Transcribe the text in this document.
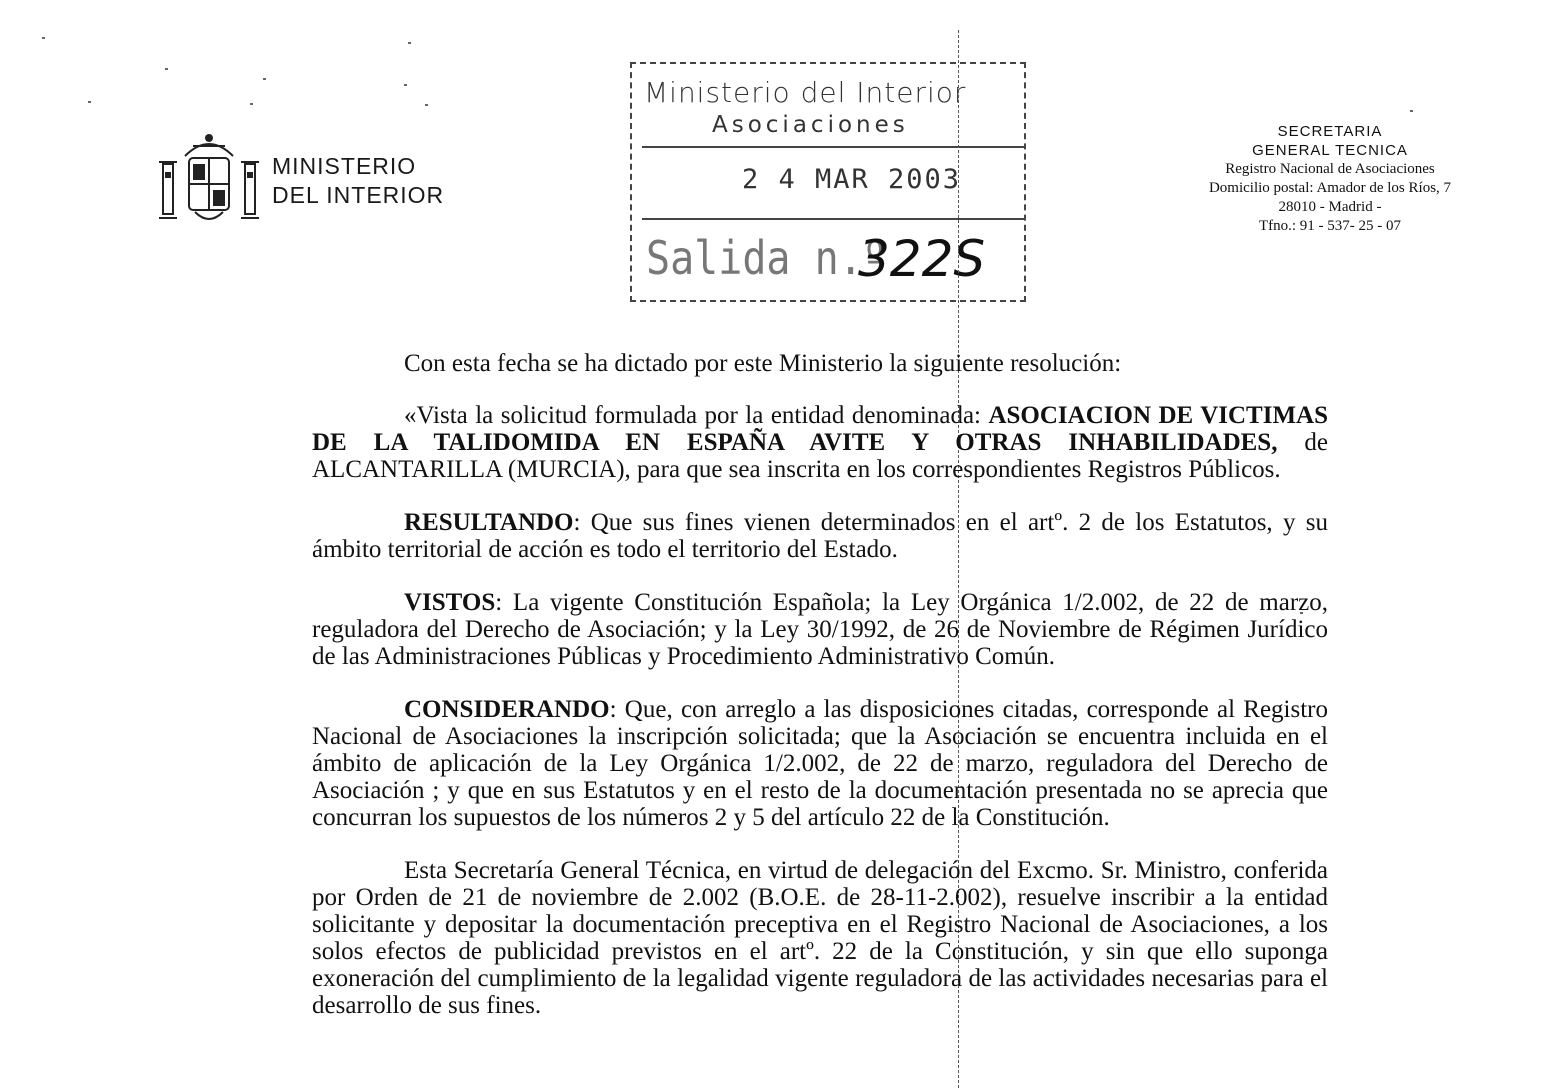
MINISTERIO
DEL INTERIOR
Ministerio del Interior
Asociaciones
2 4 MAR 2003
Salida n.º
322S
SECRETARIA
GENERAL TECNICA
Registro Nacional de Asociaciones
Domicilio postal: Amador de los Ríos, 7
28010 - Madrid -
Tfno.: 91 - 537- 25 - 07

Con esta fecha se ha dictado por este Ministerio la siguiente resolución:

«Vista la solicitud formulada por la entidad denominada: ASOCIACION DE VICTIMAS DE LA TALIDOMIDA EN ESPAÑA AVITE Y OTRAS INHABILIDADES, de ALCANTARILLA (MURCIA), para que sea inscrita en los correspondientes Registros Públicos.

RESULTANDO: Que sus fines vienen determinados en el artº. 2 de los Estatutos, y su ámbito territorial de acción es todo el territorio del Estado.

VISTOS: La vigente Constitución Española; la Ley Orgánica 1/2.002, de 22 de marzo, reguladora del Derecho de Asociación; y la Ley 30/1992, de 26 de Noviembre de Régimen Jurídico de las Administraciones Públicas y Procedimiento Administrativo Común.

CONSIDERANDO: Que, con arreglo a las disposiciones citadas, corresponde al Registro Nacional de Asociaciones la inscripción solicitada; que la Asociación se encuentra incluida en el ámbito de aplicación de la Ley Orgánica 1/2.002, de 22 de marzo, reguladora del Derecho de Asociación ; y que en sus Estatutos y en el resto de la documentación presentada no se aprecia que concurran los supuestos de los números 2 y 5 del artículo 22 de la Constitución.

Esta Secretaría General Técnica, en virtud de delegación del Excmo. Sr. Ministro, conferida por Orden de 21 de noviembre de 2.002 (B.O.E. de 28-11-2.002), resuelve inscribir a la entidad solicitante y depositar la documentación preceptiva en el Registro Nacional de Asociaciones, a los solos efectos de publicidad previstos en el artº. 22 de la Constitución, y sin que ello suponga exoneración del cumplimiento de la legalidad vigente reguladora de las actividades necesarias para el desarrollo de sus fines.
